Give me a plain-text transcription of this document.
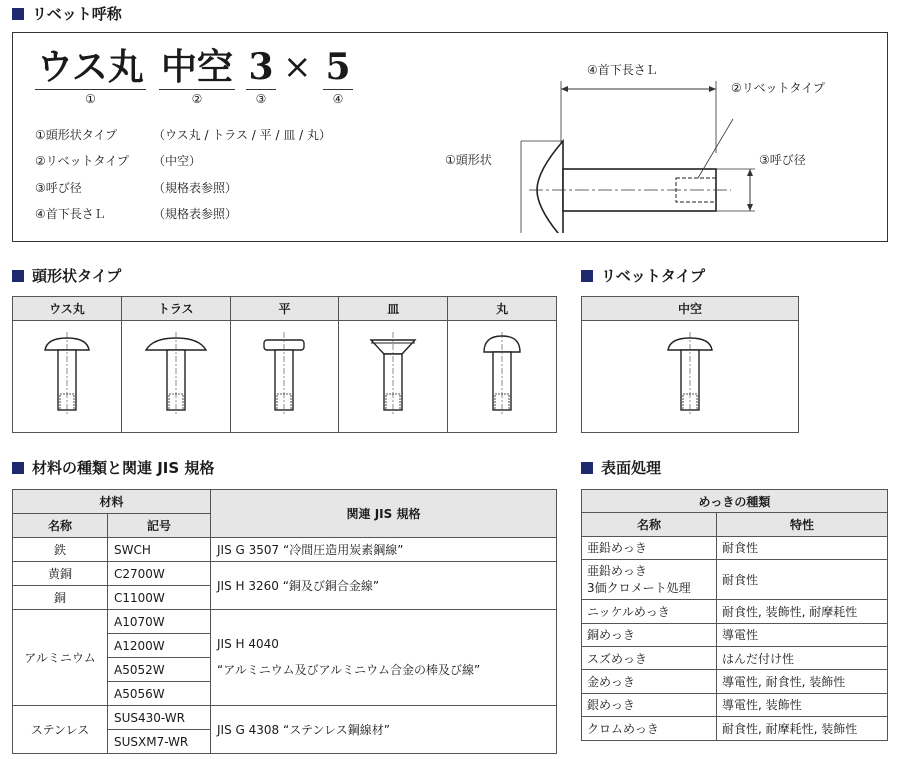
リベット呼称
ウス丸
①
中空
②
3
③
× 5
④
①頭形状タイプ	（ウス丸 / トラス / 平 / 皿 / 丸）
②リベットタイプ （中空）
③呼び径	（規格表参照）
④首下長さＬ	（規格表参照）
④首下長さＬ
②リベットタイプ
①頭形状	③呼び径
頭形状タイプ
ウス丸	トラス	平	皿	丸

リベットタイプ
中空

材料の種類と関連 JIS 規格
材料		関連 JIS 規格
名称	記号	
鉄	SWCH	JIS G 3507 “冷間圧造用炭素鋼線”
黄銅	C2700W	JIS H 3260 “銅及び銅合金線”
銅	C1100W	
アルミニウム	A1070W	JIS H 4040
“アルミニウム及びアルミニウム合金の棒及び線”

	A1200W	
	A5052W	
	A5056W	
ステンレス	SUS430-WR	JIS G 4308 “ステンレス鋼線材”
	SUSXM7-WR	
表面処理
めっきの種類	
名称	特性
亜鉛めっき	耐食性

亜鉛めっき
3価クロメート処理	耐食性
ニッケルめっき	耐食性, 装飾性, 耐摩耗性
銅めっき	導電性
スズめっき	はんだ付け性
金めっき	導電性, 耐食性, 装飾性
銀めっき	導電性, 装飾性
クロムめっき	耐食性, 耐摩耗性, 装飾性
